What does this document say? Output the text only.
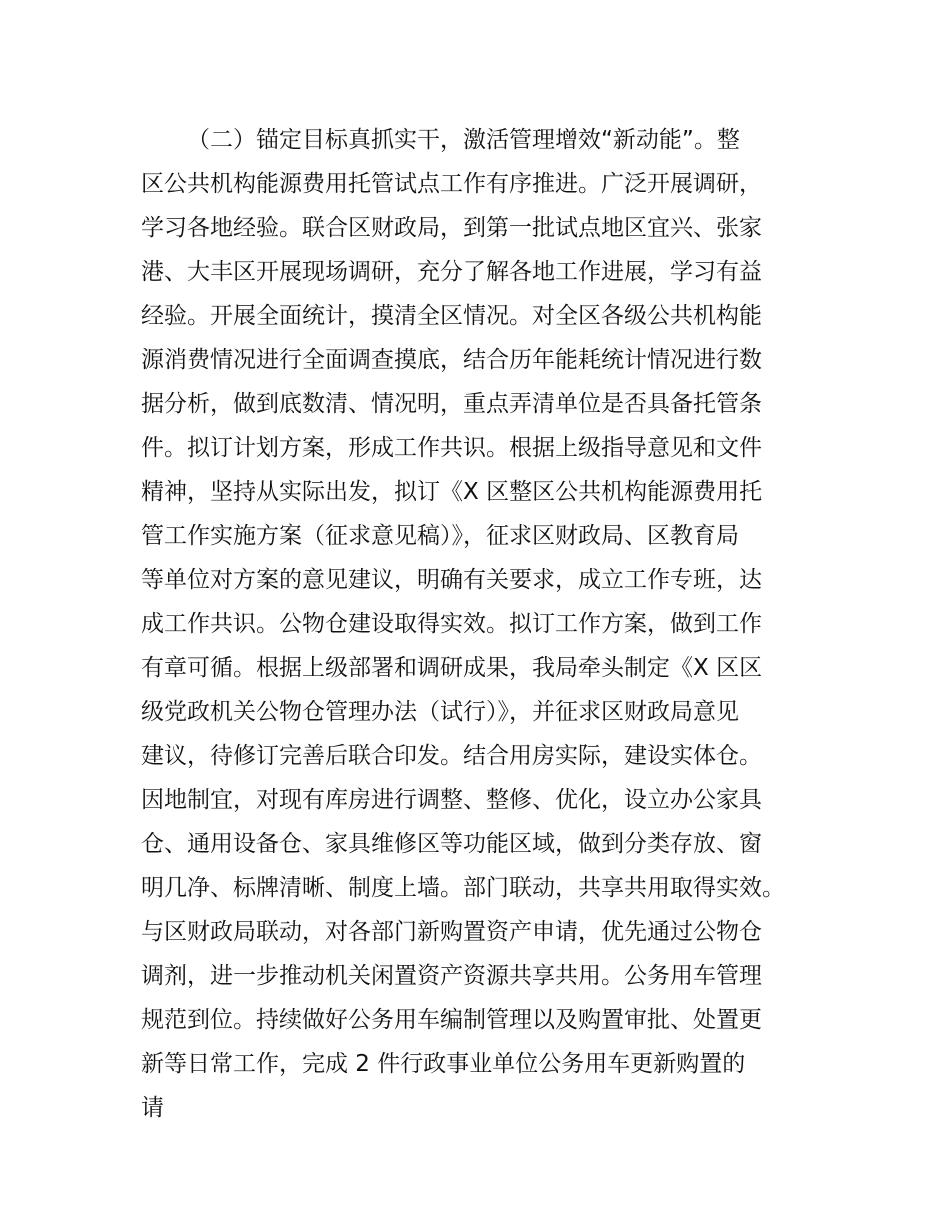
（二）锚定目标真抓实干，激活管理增效“新动能”。整
区公共机构能源费用托管试点工作有序推进。广泛开展调研，
学习各地经验。联合区财政局，到第一批试点地区宜兴、张家
港、大丰区开展现场调研，充分了解各地工作进展，学习有益
经验。开展全面统计，摸清全区情况。对全区各级公共机构能
源消费情况进行全面调查摸底，结合历年能耗统计情况进行数
据分析，做到底数清、情况明，重点弄清单位是否具备托管条
件。拟订计划方案，形成工作共识。根据上级指导意见和文件
精神，坚持从实际出发，拟订《X 区整区公共机构能源费用托
管工作实施方案（征求意见稿）》，征求区财政局、区教育局
等单位对方案的意见建议，明确有关要求，成立工作专班，达
成工作共识。公物仓建设取得实效。拟订工作方案，做到工作
有章可循。根据上级部署和调研成果，我局牵头制定《X 区区
级党政机关公物仓管理办法（试行）》，并征求区财政局意见
建议，待修订完善后联合印发。结合用房实际，建设实体仓。
因地制宜，对现有库房进行调整、整修、优化，设立办公家具
仓、通用设备仓、家具维修区等功能区域，做到分类存放、窗
明几净、标牌清晰、制度上墙。部门联动，共享共用取得实效。
与区财政局联动，对各部门新购置资产申请，优先通过公物仓
调剂，进一步推动机关闲置资产资源共享共用。公务用车管理
规范到位。持续做好公务用车编制管理以及购置审批、处置更
新等日常工作，完成 2 件行政事业单位公务用车更新购置的
请
